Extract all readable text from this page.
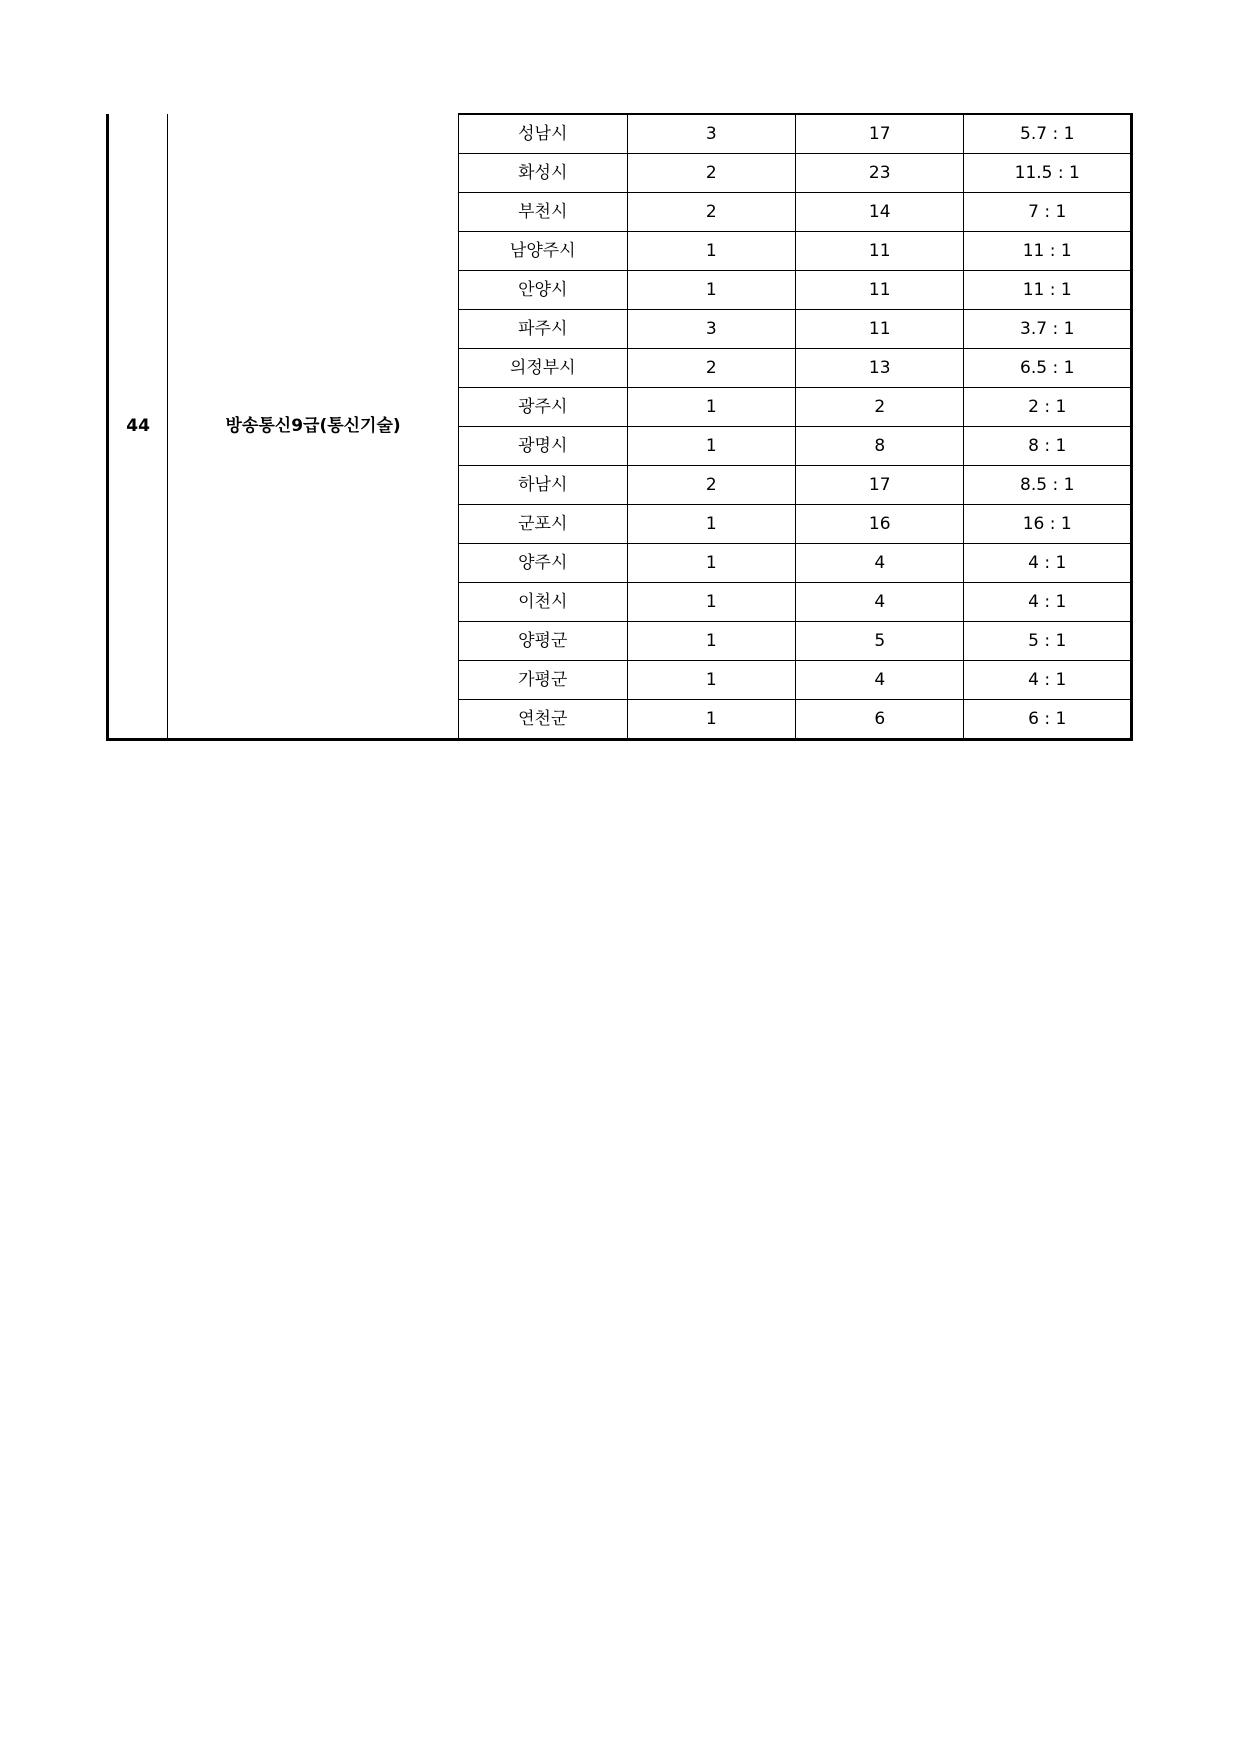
44	방송통신9급(통신기술)	성남시	3	17	5.7 : 1
		화성시	2	23	11.5 : 1
		부천시	2	14	7 : 1
		남양주시	1	11	11 : 1
		안양시	1	11	11 : 1
		파주시	3	11	3.7 : 1
		의정부시	2	13	6.5 : 1
		광주시	1	2	2 : 1
		광명시	1	8	8 : 1
		하남시	2	17	8.5 : 1
		군포시	1	16	16 : 1
		양주시	1	4	4 : 1
		이천시	1	4	4 : 1
		양평군	1	5	5 : 1
		가평군	1	4	4 : 1
		연천군	1	6	6 : 1
